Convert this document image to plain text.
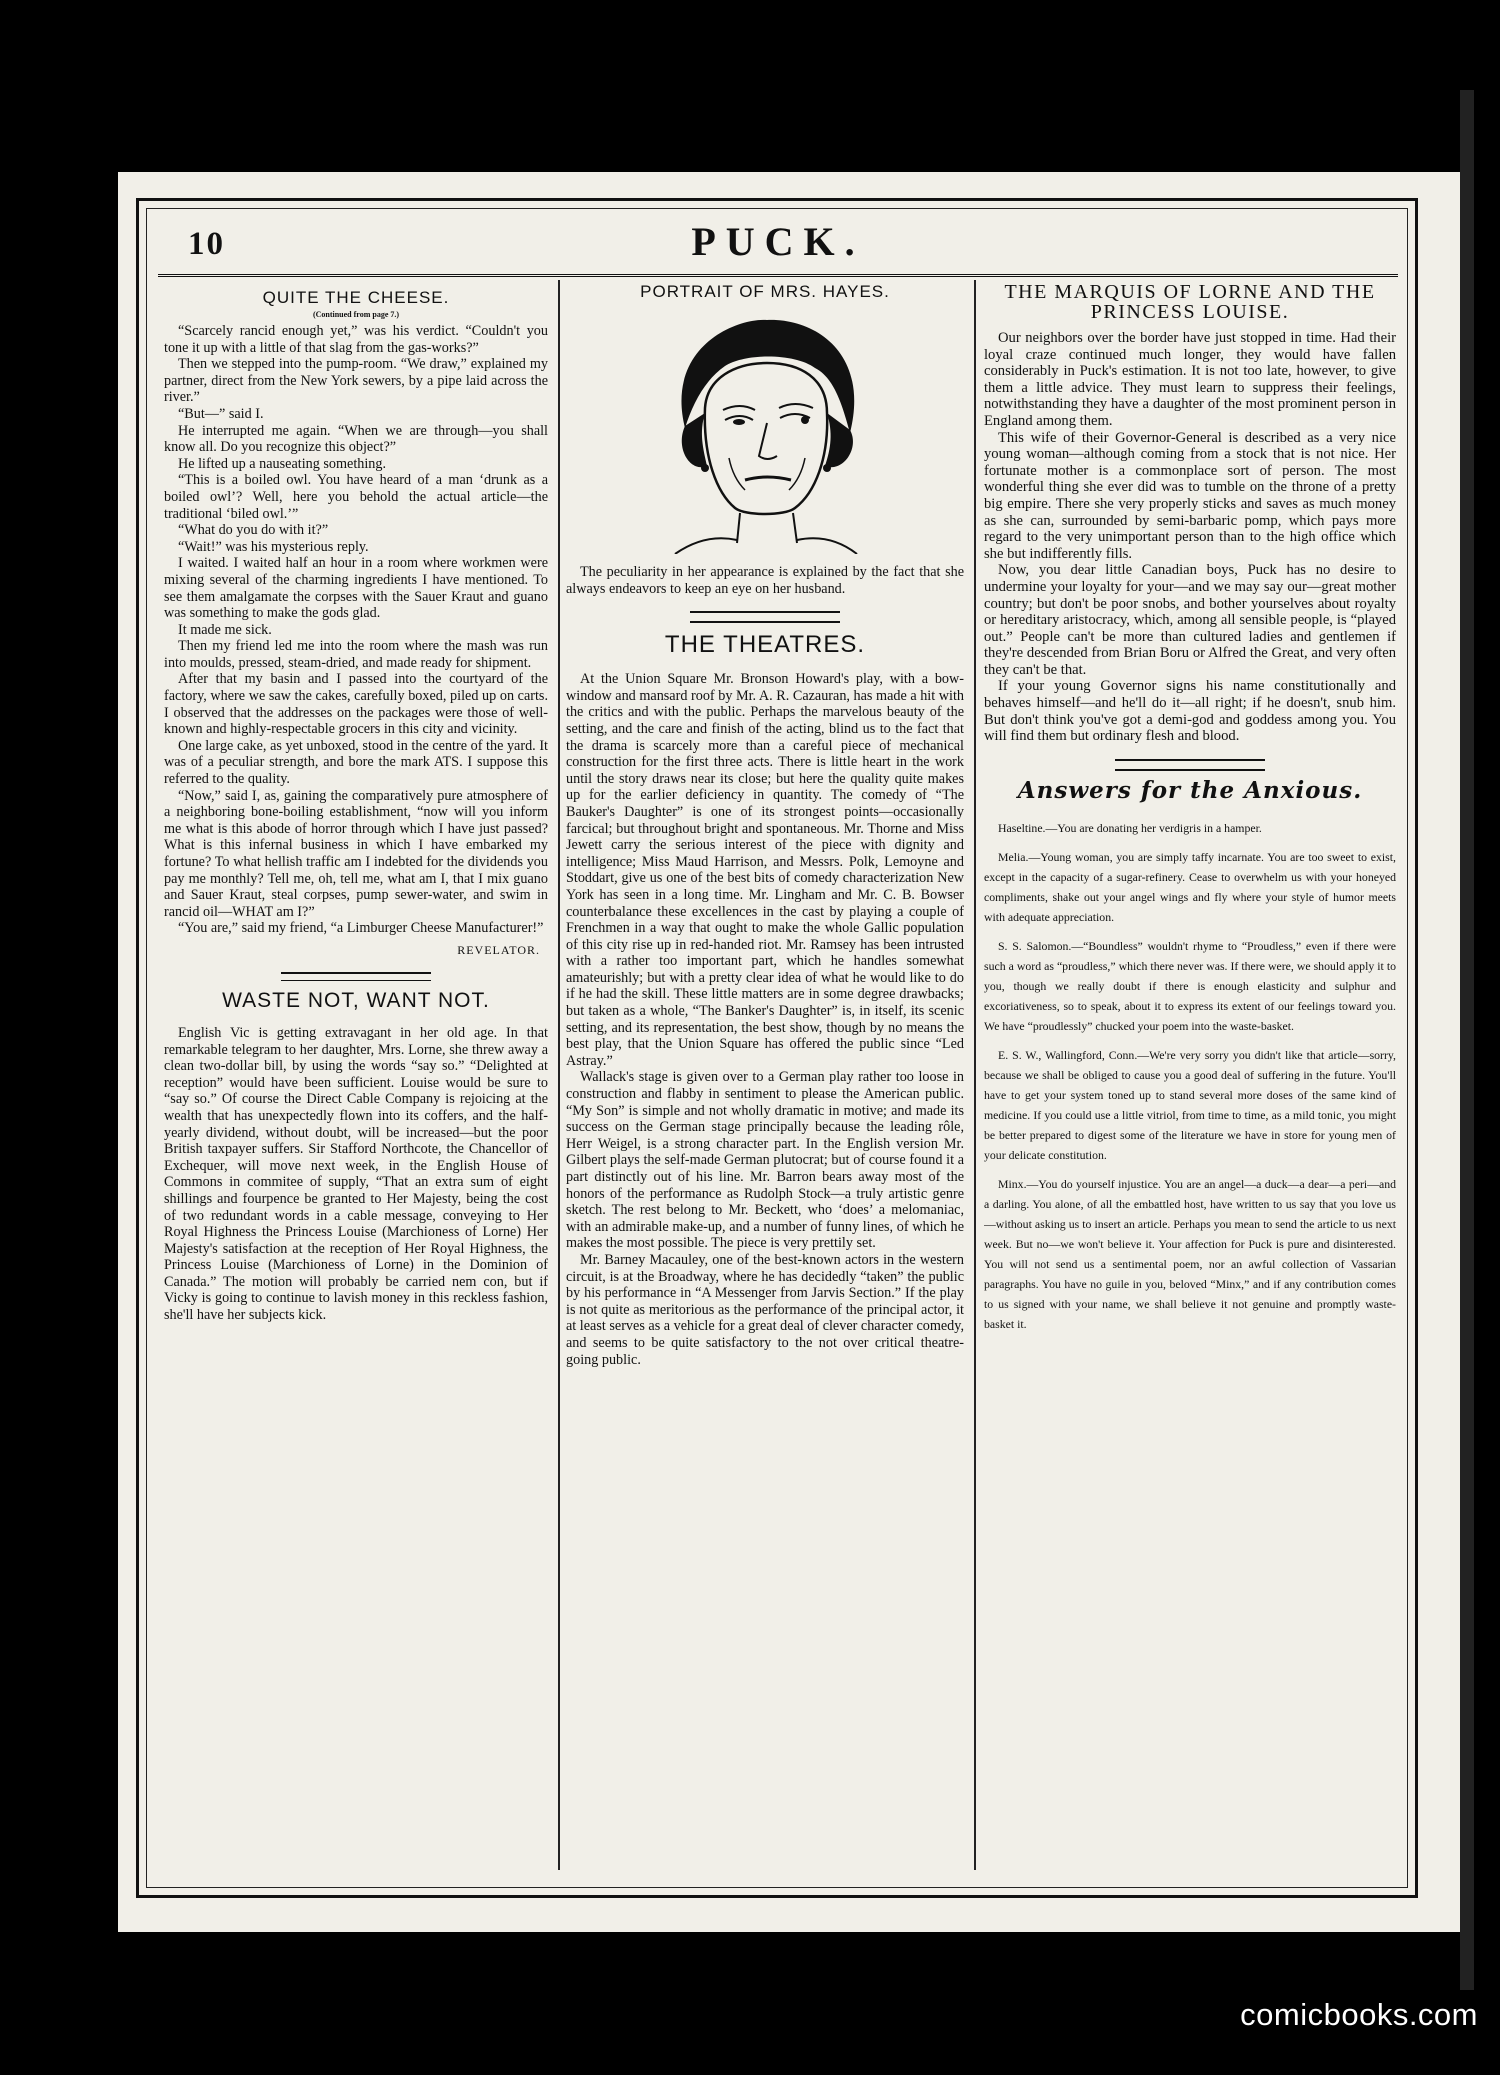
10	PUCK.
QUITE THE CHEESE.
(Continued from page 7.)

“Scarcely rancid enough yet,” was his verdict. “Couldn't you tone it up with a little of that slag from the gas-works?”

Then we stepped into the pump-room. “We draw,” explained my partner, direct from the New York sewers, by a pipe laid across the river.”

“But—” said I.

He interrupted me again. “When we are through—you shall know all. Do you recognize this object?”

He lifted up a nauseating something.

“This is a boiled owl. You have heard of a man ‘drunk as a boiled owl’? Well, here you behold the actual article—the traditional ‘biled owl.’”

“What do you do with it?”

“Wait!” was his mysterious reply.

I waited. I waited half an hour in a room where workmen were mixing several of the charming ingredients I have mentioned. To see them amalgamate the corpses with the Sauer Kraut and guano was something to make the gods glad.

It made me sick.

Then my friend led me into the room where the mash was run into moulds, pressed, steam-dried, and made ready for shipment.

After that my basin and I passed into the courtyard of the factory, where we saw the cakes, carefully boxed, piled up on carts. I observed that the addresses on the packages were those of well-known and highly-respectable grocers in this city and vicinity.

One large cake, as yet unboxed, stood in the centre of the yard. It was of a peculiar strength, and bore the mark ATS. I suppose this referred to the quality.

“Now,” said I, as, gaining the comparatively pure atmosphere of a neighboring bone-boiling establishment, “now will you inform me what is this abode of horror through which I have just passed? What is this infernal business in which I have embarked my fortune? To what hellish traffic am I indebted for the dividends you pay me monthly? Tell me, oh, tell me, what am I, that I mix guano and Sauer Kraut, steal corpses, pump sewer-water, and swim in rancid oil—WHAT am I?”

“You are,” said my friend, “a Limburger Cheese Manufacturer!”

REVELATOR.
WASTE NOT, WANT NOT.

English Vic is getting extravagant in her old age. In that remarkable telegram to her daughter, Mrs. Lorne, she threw away a clean two-dollar bill, by using the words “say so.” “Delighted at reception” would have been sufficient. Louise would be sure to “say so.” Of course the Direct Cable Company is rejoicing at the wealth that has unexpectedly flown into its coffers, and the half-yearly dividend, without doubt, will be increased—but the poor British taxpayer suffers. Sir Stafford Northcote, the Chancellor of Exchequer, will move next week, in the English House of Commons in commitee of supply, “That an extra sum of eight shillings and fourpence be granted to Her Majesty, being the cost of two redundant words in a cable message, conveying to Her Royal Highness the Princess Louise (Marchioness of Lorne) Her Majesty's satisfaction at the reception of Her Royal Highness, the Princess Louise (Marchioness of Lorne) in the Dominion of Canada.” The motion will probably be carried nem con, but if Vicky is going to continue to lavish money in this reckless fashion, she'll have her subjects kick.

PORTRAIT OF MRS. HAYES.

The peculiarity in her appearance is explained by the fact that she always endeavors to keep an eye on her husband.

THE THEATRES.

At the Union Square Mr. Bronson Howard's play, with a bow-window and mansard roof by Mr. A. R. Cazauran, has made a hit with the critics and with the public. Perhaps the marvelous beauty of the setting, and the care and finish of the acting, blind us to the fact that the drama is scarcely more than a careful piece of mechanical construction for the first three acts. There is little heart in the work until the story draws near its close; but here the quality quite makes up for the earlier deficiency in quantity. The comedy of “The Bauker's Daughter” is one of its strongest points—occasionally farcical; but throughout bright and spontaneous. Mr. Thorne and Miss Jewett carry the serious interest of the piece with dignity and intelligence; Miss Maud Harrison, and Messrs. Polk, Lemoyne and Stoddart, give us one of the best bits of comedy characterization New York has seen in a long time. Mr. Lingham and Mr. C. B. Bowser counterbalance these excellences in the cast by playing a couple of Frenchmen in a way that ought to make the whole Gallic population of this city rise up in red-handed riot. Mr. Ramsey has been intrusted with a rather too important part, which he handles somewhat amateurishly; but with a pretty clear idea of what he would like to do if he had the skill. These little matters are in some degree drawbacks; but taken as a whole, “The Banker's Daughter” is, in itself, its scenic setting, and its representation, the best show, though by no means the best play, that the Union Square has offered the public since “Led Astray.”

Wallack's stage is given over to a German play rather too loose in construction and flabby in sentiment to please the American public. “My Son” is simple and not wholly dramatic in motive; and made its success on the German stage principally because the leading rôle, Herr Weigel, is a strong character part. In the English version Mr. Gilbert plays the self-made German plutocrat; but of course found it a part distinctly out of his line. Mr. Barron bears away most of the honors of the performance as Rudolph Stock—a truly artistic genre sketch. The rest belong to Mr. Beckett, who ‘does’ a melomaniac, with an admirable make-up, and a number of funny lines, of which he makes the most possible. The piece is very prettily set.

Mr. Barney Macauley, one of the best-known actors in the western circuit, is at the Broadway, where he has decidedly “taken” the public by his performance in “A Messenger from Jarvis Section.” If the play is not quite as meritorious as the performance of the principal actor, it at least serves as a vehicle for a great deal of clever character comedy, and seems to be quite satisfactory to the not over critical theatre-going public.

THE MARQUIS OF LORNE AND THE PRINCESS LOUISE.

Our neighbors over the border have just stopped in time. Had their loyal craze continued much longer, they would have fallen considerably in Puck's estimation. It is not too late, however, to give them a little advice. They must learn to suppress their feelings, notwithstanding they have a daughter of the most prominent person in England among them.

This wife of their Governor-General is described as a very nice young woman—although coming from a stock that is not nice. Her fortunate mother is a commonplace sort of person. The most wonderful thing she ever did was to tumble on the throne of a pretty big empire. There she very properly sticks and saves as much money as she can, surrounded by semi-barbaric pomp, which pays more regard to the very unimportant person than to the high office which she but indifferently fills.

Now, you dear little Canadian boys, Puck has no desire to undermine your loyalty for your—and we may say our—great mother country; but don't be poor snobs, and bother yourselves about royalty or hereditary aristocracy, which, among all sensible people, is “played out.” People can't be more than cultured ladies and gentlemen if they're descended from Brian Boru or Alfred the Great, and very often they can't be that.

If your young Governor signs his name constitutionally and behaves himself—and he'll do it—all right; if he doesn't, snub him. But don't think you've got a demi-god and goddess among you. You will find them but ordinary flesh and blood.

Answers for the Anxious.

Haseltine.—You are donating her verdigris in a hamper.

Melia.—Young woman, you are simply taffy incarnate. You are too sweet to exist, except in the capacity of a sugar-refinery. Cease to overwhelm us with your honeyed compliments, shake out your angel wings and fly where your style of humor meets with adequate appreciation.

S. S. Salomon.—“Boundless” wouldn't rhyme to “Proudless,” even if there were such a word as “proudless,” which there never was. If there were, we should apply it to you, though we really doubt if there is enough elasticity and sulphur and excoriativeness, so to speak, about it to express its extent of our feelings toward you. We have “proudlessly” chucked your poem into the waste-basket.

E. S. W., Wallingford, Conn.—We're very sorry you didn't like that article—sorry, because we shall be obliged to cause you a good deal of suffering in the future. You'll have to get your system toned up to stand several more doses of the same kind of medicine. If you could use a little vitriol, from time to time, as a mild tonic, you might be better prepared to digest some of the literature we have in store for young men of your delicate constitution.

Minx.—You do yourself injustice. You are an angel—a duck—a dear—a peri—and a darling. You alone, of all the embattled host, have written to us say that you love us—without asking us to insert an article. Perhaps you mean to send the article to us next week. But no—we won't believe it. Your affection for Puck is pure and disinterested. You will not send us a sentimental poem, nor an awful collection of Vassarian paragraphs. You have no guile in you, beloved “Minx,” and if any contribution comes to us signed with your name, we shall believe it not genuine and promptly waste-basket it.

comicbooks.com
